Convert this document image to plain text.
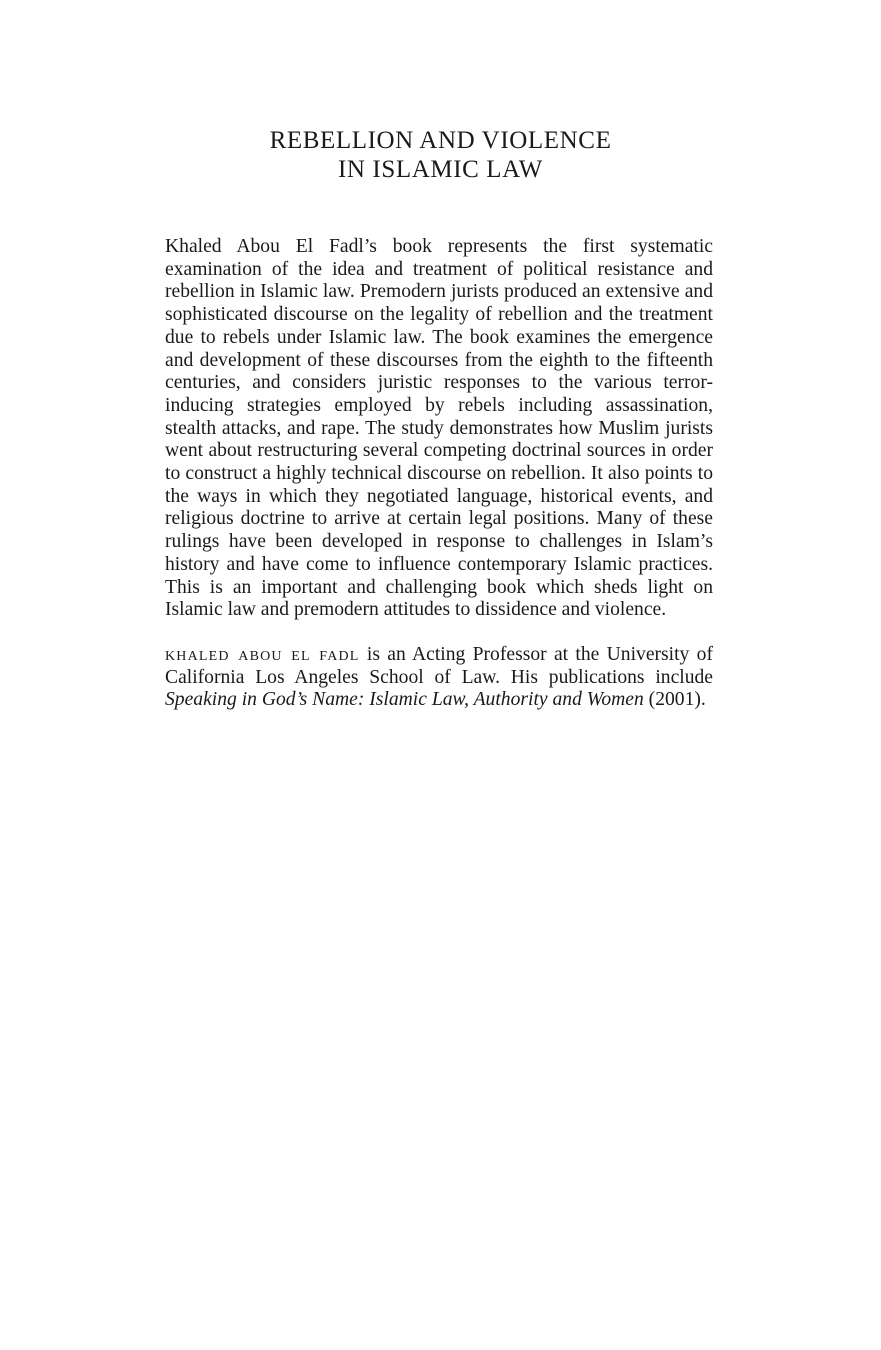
REBELLION AND VIOLENCE
IN ISLAMIC LAW

Khaled Abou El Fadl’s book represents the first systematic examination of the idea and treatment of political resistance and rebellion in Islamic law. Premodern jurists produced an extensive and sophisticated discourse on the legality of rebellion and the treatment due to rebels under Islamic law. The book examines the emergence and development of these discourses from the eighth to the fifteenth centuries, and considers juristic responses to the various terror-inducing strategies employed by rebels including assassination, stealth attacks, and rape. The study demonstrates how Muslim jurists went about restructuring several competing doctrinal sources in order to construct a highly technical discourse on rebellion. It also points to the ways in which they negotiated language, historical events, and religious doctrine to arrive at certain legal positions. Many of these rulings have been developed in response to challenges in Islam’s history and have come to influence contemporary Islamic practices. This is an important and challenging book which sheds light on Islamic law and premodern attitudes to dissidence and violence.

khaled abou el fadl is an Acting Professor at the University of California Los Angeles School of Law. His publications include Speaking in God’s Name: Islamic Law, Authority and Women (2001).
